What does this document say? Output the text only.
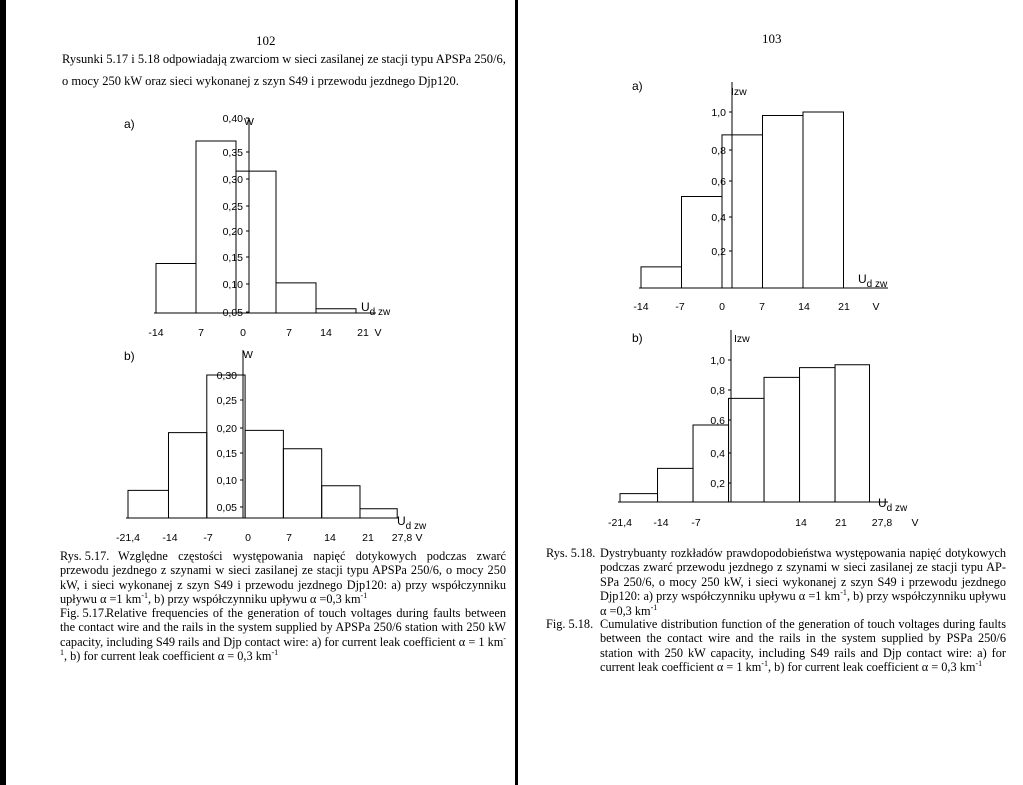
102

Rysunki 5.17 i 5.18 odpowiadają zwarciom w sieci zasilanej ze stacji typu APSPa 250/6,

o mocy 250 kW oraz sieci wykonanej z szyn S49 i przewodu jezdnego Djp120.

a)	W
0,40
0,35
0,30
0,25
0,20
0,15
0,10
0,05
-14	7	0	7	14 21 V
$U_{d zw}$
b)	W
0,30
0,25
0,20
0,15
0,10
0,05
-21,4 -14 -7	0	7	14	21 27,8 V
$U_{d zw}$
Rys. 5.17. Względne częstości występowania napięć dotykowych podczas zwarć przewodu jezdnego z szynami w sieci zasilanej ze stacji typu APSPa 250/6, o mocy 250 kW, i sieci wykonanej z szyn S49 i przewodu jezdnego Djp120: a) przy współczynniku upływu α =1 $km^{-1}$, b) przy współczynniku upływu α =0,3 $km^{-1}$
Fig. 5.17.
Relative frequencies of the generation of touch voltages during faults between the contact wire and the rails in the system supplied by APSPa 250/6 station with 250 kW capacity, including S49 rails and Djp contact wire: a) for current leak coefficient α = 1 $km^{-1}$, b) for current leak coefficient α = 0,3 $km^{-1}$
103
a)	Izw
1,0
0,8
0,6
0,4
0,2
-14	-7	0	7	14	21 V
$U_{d zw}$
b)	Izw
1,0
0,8
0,6
0,4
0,2
-21,4 -14 -7	14	21 27,8 V
$U_{d zw}$
Rys. 5.18. Dystrybuanty rozkładów prawdopodobieństwa występowania napięć dotykowych podczas zwarć przewodu jezdnego z szynami w sieci zasilanej ze stacji typu AP-SPa 250/6, o mocy 250 kW, i sieci wykonanej z szyn S49 i przewodu jezdnego Djp120: a) przy współczynniku upływu α =1 $km^{-1}$, b) przy współczynniku upływu α =0,3 $km^{-1}$
Fig. 5.18. Cumulative distribution function of the generation of touch voltages during faults between the contact wire and the rails in the system supplied by PSPa 250/6 station with 250 kW capacity, including S49 rails and Djp contact wire: a) for current leak coefficient α = 1 $km^{-1}$, b) for current leak coefficient α = 0,3 $km^{-1}$
